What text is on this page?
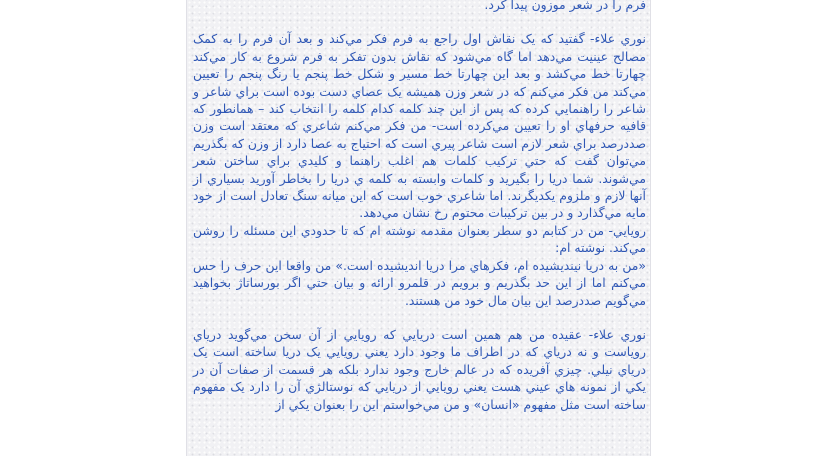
فرم را در شعر موزون پيدا کرد.

نوري علاء- گفتيد که يک نقاش اول راجع به فرم فکر مي‌کند و بعد آن فرم را به کمک مصالح عينيت مي‌دهد اما گاه مي‌شود که نقاش بدون تفکر به فرم شروع به کار مي‌کند چهارتا خط مي‌کشد و بعد اين چهارتا خط مسير و شکل خط پنجم يا رنگ پنجم را تعيين مي‌کند من فکر مي‌کنم که در شعر وزن هميشه يک عصاي دست بوده است براي شاعر و شاعر را راهنمايي کرده که پس از اين چند کلمه کدام کلمه را انتخاب کند – همانطور که قافيه حرفهاي او را تعيين مي‌کرده است- من فکر مي‌کنم شاعري که معتقد است وزن صددرصد براي شعر لازم است شاعر پيري است که احتياج به عصا دارد از وزن که بگذريم مي‌توان گفت که حتي ترکيب کلمات هم اغلب راهنما و کليدي براي ساختن شعر مي‌شوند. شما دريا را بگيريد و کلمات وابسته به کلمه ي دريا را بخاطر آوريد بسياري از آنها لازم و ملزوم يکديگرند. اما شاعري خوب است که اين ميانه سنگ تعادل است از خود مايه مي‌گذارد و در بين ترکيبات محتوم رخ نشان مي‌دهد.

رويايي- من در کتابم دو سطر بعنوان مقدمه نوشته ام که تا حدودي اين مسئله را روشن مي‌کند. نوشته ام:

«من به دريا نينديشيده ام، فکرهاي مرا دريا انديشيده است.» من واقعا اين حرف را حس مي‌کنم اما از اين حد بگذريم و برويم در قلمرو ارائه و بيان حتي اگر بورساتاژ بخواهيد مي‌گويم صددرصد اين بيان مال خود من هستند.

نوري علاء- عقيده من هم همين است دريايي که رويايي از آن سخن مي‌گويد درياي روياست و نه درياي که در اطراف ما وجود دارد يعني رويايي يک دريا ساخته است يک درياي نيلي. چيزي آفريده که در عالم خارج وجود ندارد بلکه هر قسمت از صفات آن در يکي از نمونه هاي عيني هست يعني رويايي از دريايي که نوستالژي آن را دارد يک مفهوم ساخته است مثل مفهوم «انسان» و من مي‌خواستم اين را بعنوان يکي از
